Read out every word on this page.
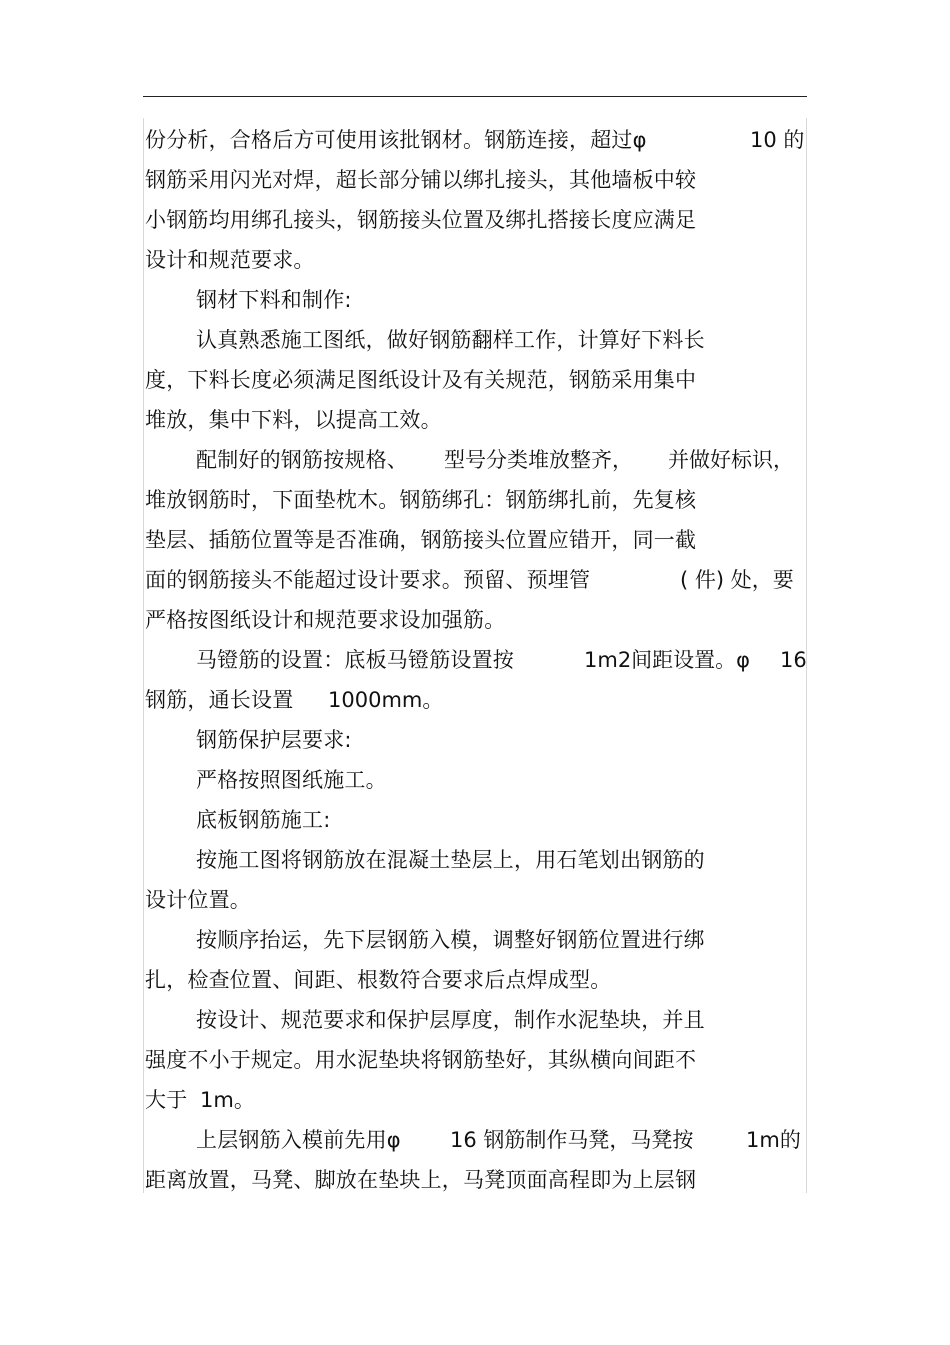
份分析，合格后方可使用该批钢材。钢筋连接，超过φ	10 的
钢筋采用闪光对焊，超长部分铺以绑扎接头，其他墙板中较
小钢筋均用绑孔接头，钢筋接头位置及绑扎搭接长度应满足
设计和规范要求。
钢材下料和制作:
认真熟悉施工图纸，做好钢筋翻样工作，计算好下料长
度，下料长度必须满足图纸设计及有关规范，钢筋采用集中
堆放，集中下料，以提高工效。
配制好的钢筋按规格、 型号分类堆放整齐， 并做好标识，
堆放钢筋时，下面垫枕木。钢筋绑孔：钢筋绑扎前，先复核
垫层、插筋位置等是否准确，钢筋接头位置应错开，同一截
面的钢筋接头不能超过设计要求。预留、预埋管	( 件) 处，要
严格按图纸设计和规范要求设加强筋。
马镫筋的设置：底板马镫筋设置按	1m2间距设置。φ 16
钢筋，通长设置 1000mm。
钢筋保护层要求:
严格按照图纸施工。
底板钢筋施工:
按施工图将钢筋放在混凝土垫层上，用石笔划出钢筋的
设计位置。
按顺序抬运，先下层钢筋入模，调整好钢筋位置进行绑
扎，检查位置、间距、根数符合要求后点焊成型。
按设计、规范要求和保护层厚度，制作水泥垫块，并且
强度不小于规定。用水泥垫块将钢筋垫好，其纵横向间距不
大于 1m。
上层钢筋入模前先用φ 16 钢筋制作马凳，马凳按	1m的
距离放置，马凳、脚放在垫块上，马凳顶面高程即为上层钢
